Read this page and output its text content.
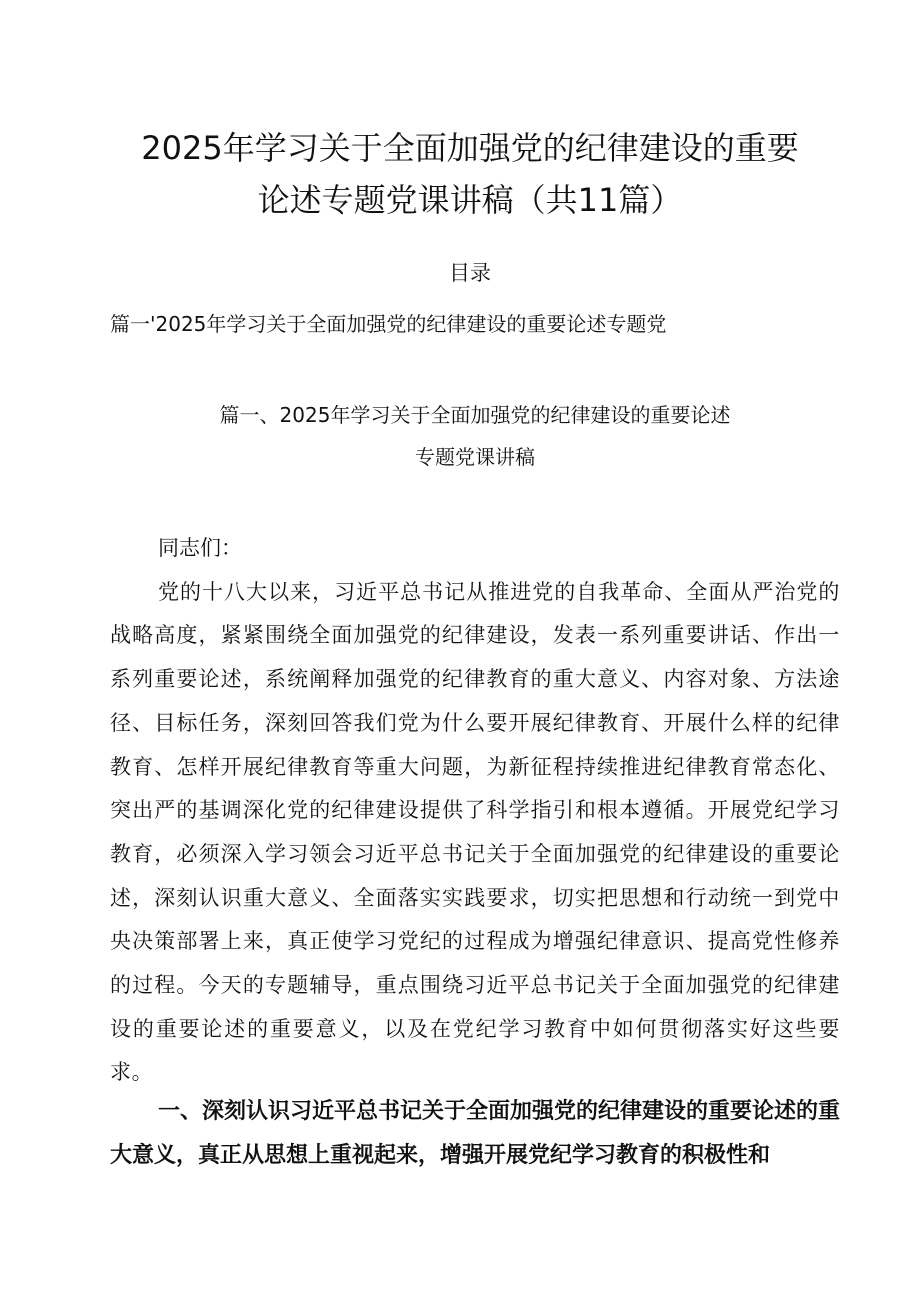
2025年学习关于全面加强党的纪律建设的重要
论述专题党课讲稿（共11篇）
目录
篇一'2025年学习关于全面加强党的纪律建设的重要论述专题党
篇一、2025年学习关于全面加强党的纪律建设的重要论述
专题党课讲稿

同志们：

党的十八大以来，习近平总书记从推进党的自我革命、全面从严治党的战略高度，紧紧围绕全面加强党的纪律建设，发表一系列重要讲话、作出一系列重要论述，系统阐释加强党的纪律教育的重大意义、内容对象、方法途径、目标任务，深刻回答我们党为什么要开展纪律教育、开展什么样的纪律教育、怎样开展纪律教育等重大问题，为新征程持续推进纪律教育常态化、突出严的基调深化党的纪律建设提供了科学指引和根本遵循。开展党纪学习教育，必须深入学习领会习近平总书记关于全面加强党的纪律建设的重要论述，深刻认识重大意义、全面落实实践要求，切实把思想和行动统一到党中央决策部署上来，真正使学习党纪的过程成为增强纪律意识、提高党性修养的过程。今天的专题辅导，重点围绕习近平总书记关于全面加强党的纪律建设的重要论述的重要意义，以及在党纪学习教育中如何贯彻落实好这些要求。

一、深刻认识习近平总书记关于全面加强党的纪律建设的重要论述的重大意义，真正从思想上重视起来，增强开展党纪学习教育的积极性和
